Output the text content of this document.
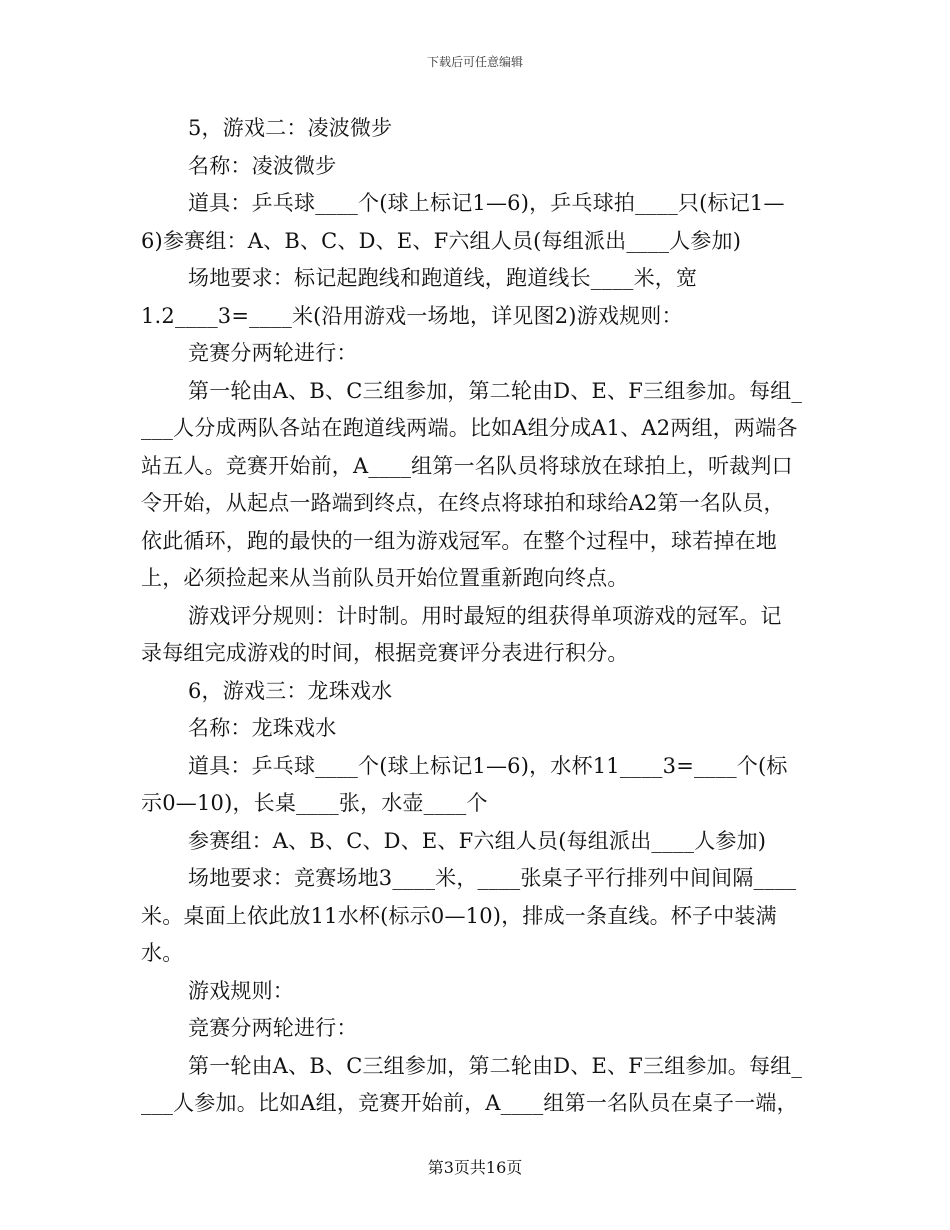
下载后可任意编辑
5，游戏二：凌波微步
名称：凌波微步
道具：乒乓球____个(球上标记1—6)，乒乓球拍____只(标记1—
6)参赛组：A、B、C、D、E、F六组人员(每组派出____人参加)
场地要求：标记起跑线和跑道线，跑道线长____米，宽
1.2____3=____米(沿用游戏一场地，详见图2)游戏规则：
竞赛分两轮进行：
第一轮由A、B、C三组参加，第二轮由D、E、F三组参加。每组_
___人分成两队各站在跑道线两端。比如A组分成A1、A2两组，两端各
站五人。竞赛开始前，A____组第一名队员将球放在球拍上，听裁判口
令开始，从起点一路端到终点，在终点将球拍和球给A2第一名队员，
依此循环，跑的最快的一组为游戏冠军。在整个过程中，球若掉在地
上，必须捡起来从当前队员开始位置重新跑向终点。
游戏评分规则：计时制。用时最短的组获得单项游戏的冠军。记
录每组完成游戏的时间，根据竞赛评分表进行积分。
6，游戏三：龙珠戏水
名称：龙珠戏水
道具：乒乓球____个(球上标记1—6)，水杯11____3=____个(标
示0—10)，长桌____张，水壶____个
参赛组：A、B、C、D、E、F六组人员(每组派出____人参加)
场地要求：竞赛场地3____米，____张桌子平行排列中间间隔____
米。桌面上依此放11水杯(标示0—10)，排成一条直线。杯子中装满
水。
游戏规则：
竞赛分两轮进行：
第一轮由A、B、C三组参加，第二轮由D、E、F三组参加。每组_
___人参加。比如A组，竞赛开始前，A____组第一名队员在桌子一端，
第3页共16页
